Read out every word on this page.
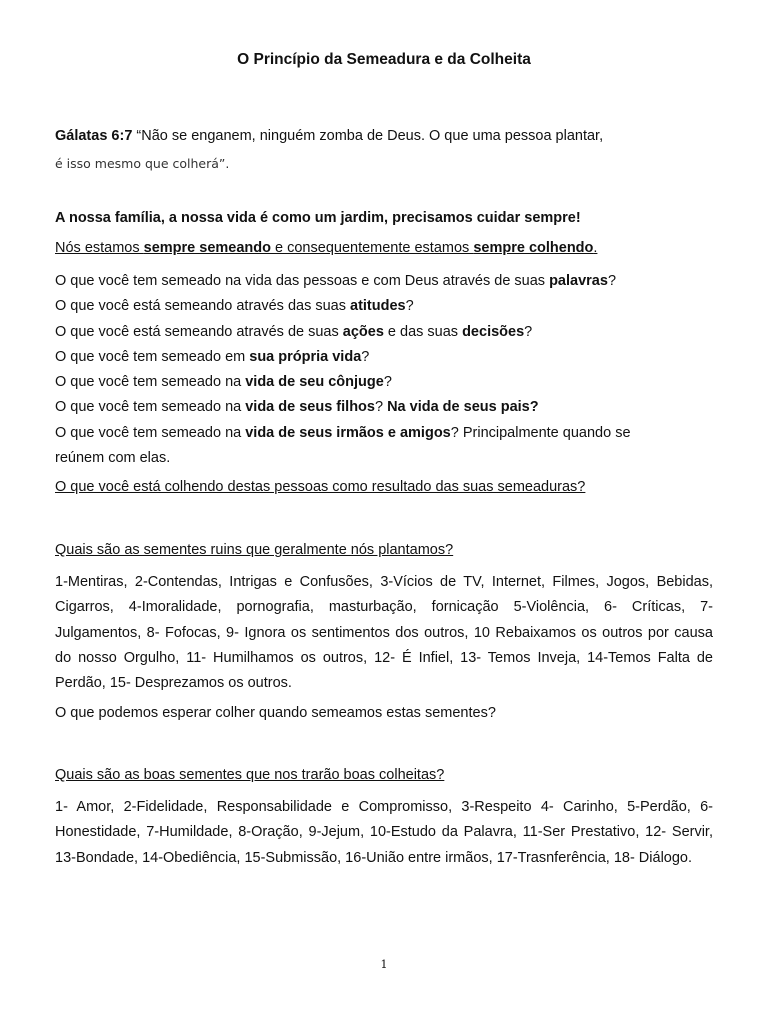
O Princípio da Semeadura e da Colheita

Gálatas 6:7 “Não se enganem, ninguém zomba de Deus. O que uma pessoa plantar,
é isso mesmo que colherá”.

A nossa família, a nossa vida é como um jardim, precisamos cuidar sempre!

Nós estamos sempre semeando e consequentemente estamos sempre colhendo.

O que você tem semeado na vida das pessoas e com Deus através de suas palavras?
O que você está semeando através das suas atitudes?
O que você está semeando através de suas ações e das suas decisões?
O que você tem semeado em sua própria vida?
O que você tem semeado na vida de seu cônjuge?
O que você tem semeado na vida de seus filhos? Na vida de seus pais?
O que você tem semeado na vida de seus irmãos e amigos? Principalmente quando se reúnem com elas.

O que você está colhendo destas pessoas como resultado das suas semeaduras?

Quais são as sementes ruins que geralmente nós plantamos?

1-Mentiras, 2-Contendas, Intrigas e Confusões, 3-Vícios de TV, Internet, Filmes, Jogos, Bebidas, Cigarros, 4-Imoralidade, pornografia, masturbação, fornicação 5-Violência, 6- Críticas, 7- Julgamentos, 8- Fofocas, 9- Ignora os sentimentos dos outros, 10 Rebaixamos os outros por causa do nosso Orgulho, 11- Humilhamos os outros, 12- É Infiel, 13- Temos Inveja, 14-Temos Falta de Perdão, 15- Desprezamos os outros.

O que podemos esperar colher quando semeamos estas sementes?

Quais são as boas sementes que nos trarão boas colheitas?

1- Amor, 2-Fidelidade, Responsabilidade e Compromisso, 3-Respeito 4- Carinho, 5-Perdão, 6- Honestidade, 7-Humildade, 8-Oração, 9-Jejum, 10-Estudo da Palavra, 11-Ser Prestativo, 12- Servir, 13-Bondade, 14-Obediência, 15-Submissão, 16-União entre irmãos, 17-Trasnferência, 18- Diálogo.

1
